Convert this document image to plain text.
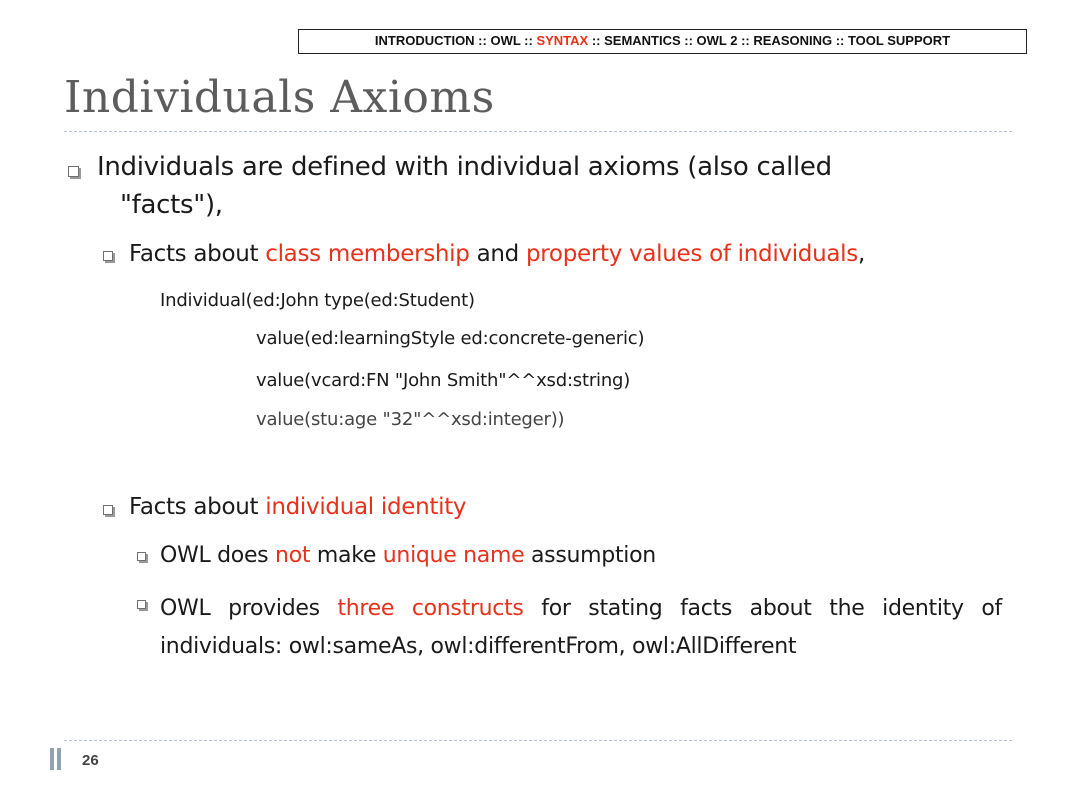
INTRODUCTION :: OWL :: SYNTAX :: SEMANTICS :: OWL 2 :: REASONING :: TOOL SUPPORT
Individuals Axioms
Individuals are defined with individual axioms (also called
"facts"),
Facts about class membership and property values of individuals,
Individual(ed:John type(ed:Student)
value(ed:learningStyle ed:concrete-generic)
value(vcard:FN "John Smith"^^xsd:string)
value(stu:age "32"^^xsd:integer))
Facts about individual identity
OWL does not make unique name assumption
OWL provides three constructs for stating facts about the identity of individuals: owl:sameAs, owl:differentFrom, owl:AllDifferent
26
